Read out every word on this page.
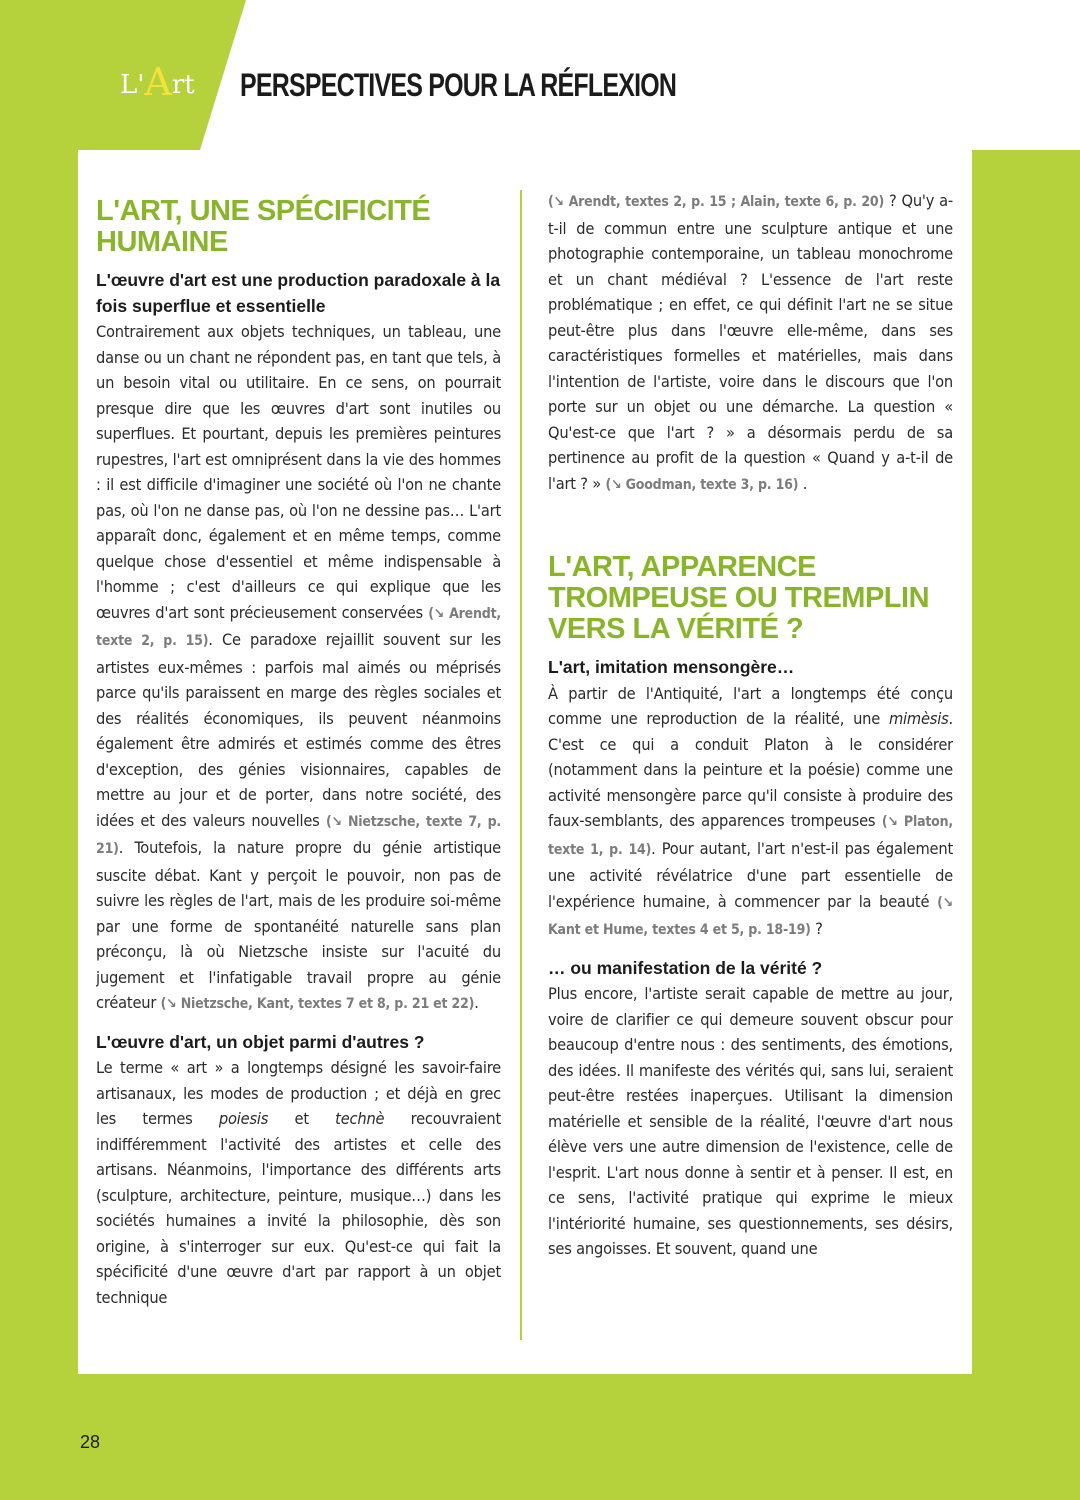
L'Art PERSPECTIVES POUR LA RÉFLEXION
L'ART, UNE SPÉCIFICITÉ HUMAINE

L'œuvre d'art est une production paradoxale à la fois superflue et essentielle

Contrairement aux objets techniques, un tableau, une danse ou un chant ne répondent pas, en tant que tels, à un besoin vital ou utilitaire. En ce sens, on pourrait presque dire que les œuvres d'art sont inutiles ou superflues. Et pourtant, depuis les premières peintures rupestres, l'art est omniprésent dans la vie des hommes : il est difficile d'imaginer une société où l'on ne chante pas, où l'on ne danse pas, où l'on ne dessine pas… L'art apparaît donc, également et en même temps, comme quelque chose d'essentiel et même indispensable à l'homme ; c'est d'ailleurs ce qui explique que les œuvres d'art sont précieusement conservées (↘ Arendt, texte 2, p. 15). Ce paradoxe rejaillit souvent sur les artistes eux-mêmes : parfois mal aimés ou méprisés parce qu'ils paraissent en marge des règles sociales et des réalités économiques, ils peuvent néanmoins également être admirés et estimés comme des êtres d'exception, des génies visionnaires, capables de mettre au jour et de porter, dans notre société, des idées et des valeurs nouvelles (↘ Nietzsche, texte 7, p. 21). Toutefois, la nature propre du génie artistique suscite débat. Kant y perçoit le pouvoir, non pas de suivre les règles de l'art, mais de les produire soi-même par une forme de spontanéité naturelle sans plan préconçu, là où Nietzsche insiste sur l'acuité du jugement et l'infatigable travail propre au génie créateur (↘ Nietzsche, Kant, textes 7 et 8, p. 21 et 22).

L'œuvre d'art, un objet parmi d'autres ?

Le terme « art » a longtemps désigné les savoir-faire artisanaux, les modes de production ; et déjà en grec les termes poiesis et technè recouvraient indifféremment l'activité des artistes et celle des artisans. Néanmoins, l'importance des différents arts (sculpture, architecture, peinture, musique…) dans les sociétés humaines a invité la philosophie, dès son origine, à s'interroger sur eux. Qu'est-ce qui fait la spécificité d'une œuvre d'art par rapport à un objet technique

(↘ Arendt, textes 2, p. 15 ; Alain, texte 6, p. 20) ? Qu'y a-t-il de commun entre une sculpture antique et une photographie contemporaine, un tableau monochrome et un chant médiéval ? L'essence de l'art reste problématique ; en effet, ce qui définit l'art ne se situe peut-être plus dans l'œuvre elle-même, dans ses caractéristiques formelles et matérielles, mais dans l'intention de l'artiste, voire dans le discours que l'on porte sur un objet ou une démarche. La question « Qu'est-ce que l'art ? » a désormais perdu de sa pertinence au profit de la question « Quand y a-t-il de l'art ? » (↘ Goodman, texte 3, p. 16) .

L'ART, APPARENCE TROMPEUSE OU TREMPLIN VERS LA VÉRITÉ ?

L'art, imitation mensongère…

À partir de l'Antiquité, l'art a longtemps été conçu comme une reproduction de la réalité, une mimèsis. C'est ce qui a conduit Platon à le considérer (notamment dans la peinture et la poésie) comme une activité mensongère parce qu'il consiste à produire des faux-semblants, des apparences trompeuses (↘ Platon, texte 1, p. 14). Pour autant, l'art n'est-il pas également une activité révélatrice d'une part essentielle de l'expérience humaine, à commencer par la beauté (↘ Kant et Hume, textes 4 et 5, p. 18-19) ?

… ou manifestation de la vérité ?

Plus encore, l'artiste serait capable de mettre au jour, voire de clarifier ce qui demeure souvent obscur pour beaucoup d'entre nous : des sentiments, des émotions, des idées. Il manifeste des vérités qui, sans lui, seraient peut-être restées inaperçues. Utilisant la dimension matérielle et sensible de la réalité, l'œuvre d'art nous élève vers une autre dimension de l'existence, celle de l'esprit. L'art nous donne à sentir et à penser. Il est, en ce sens, l'activité pratique qui exprime le mieux l'intériorité humaine, ses questionnements, ses désirs, ses angoisses. Et souvent, quand une

28
